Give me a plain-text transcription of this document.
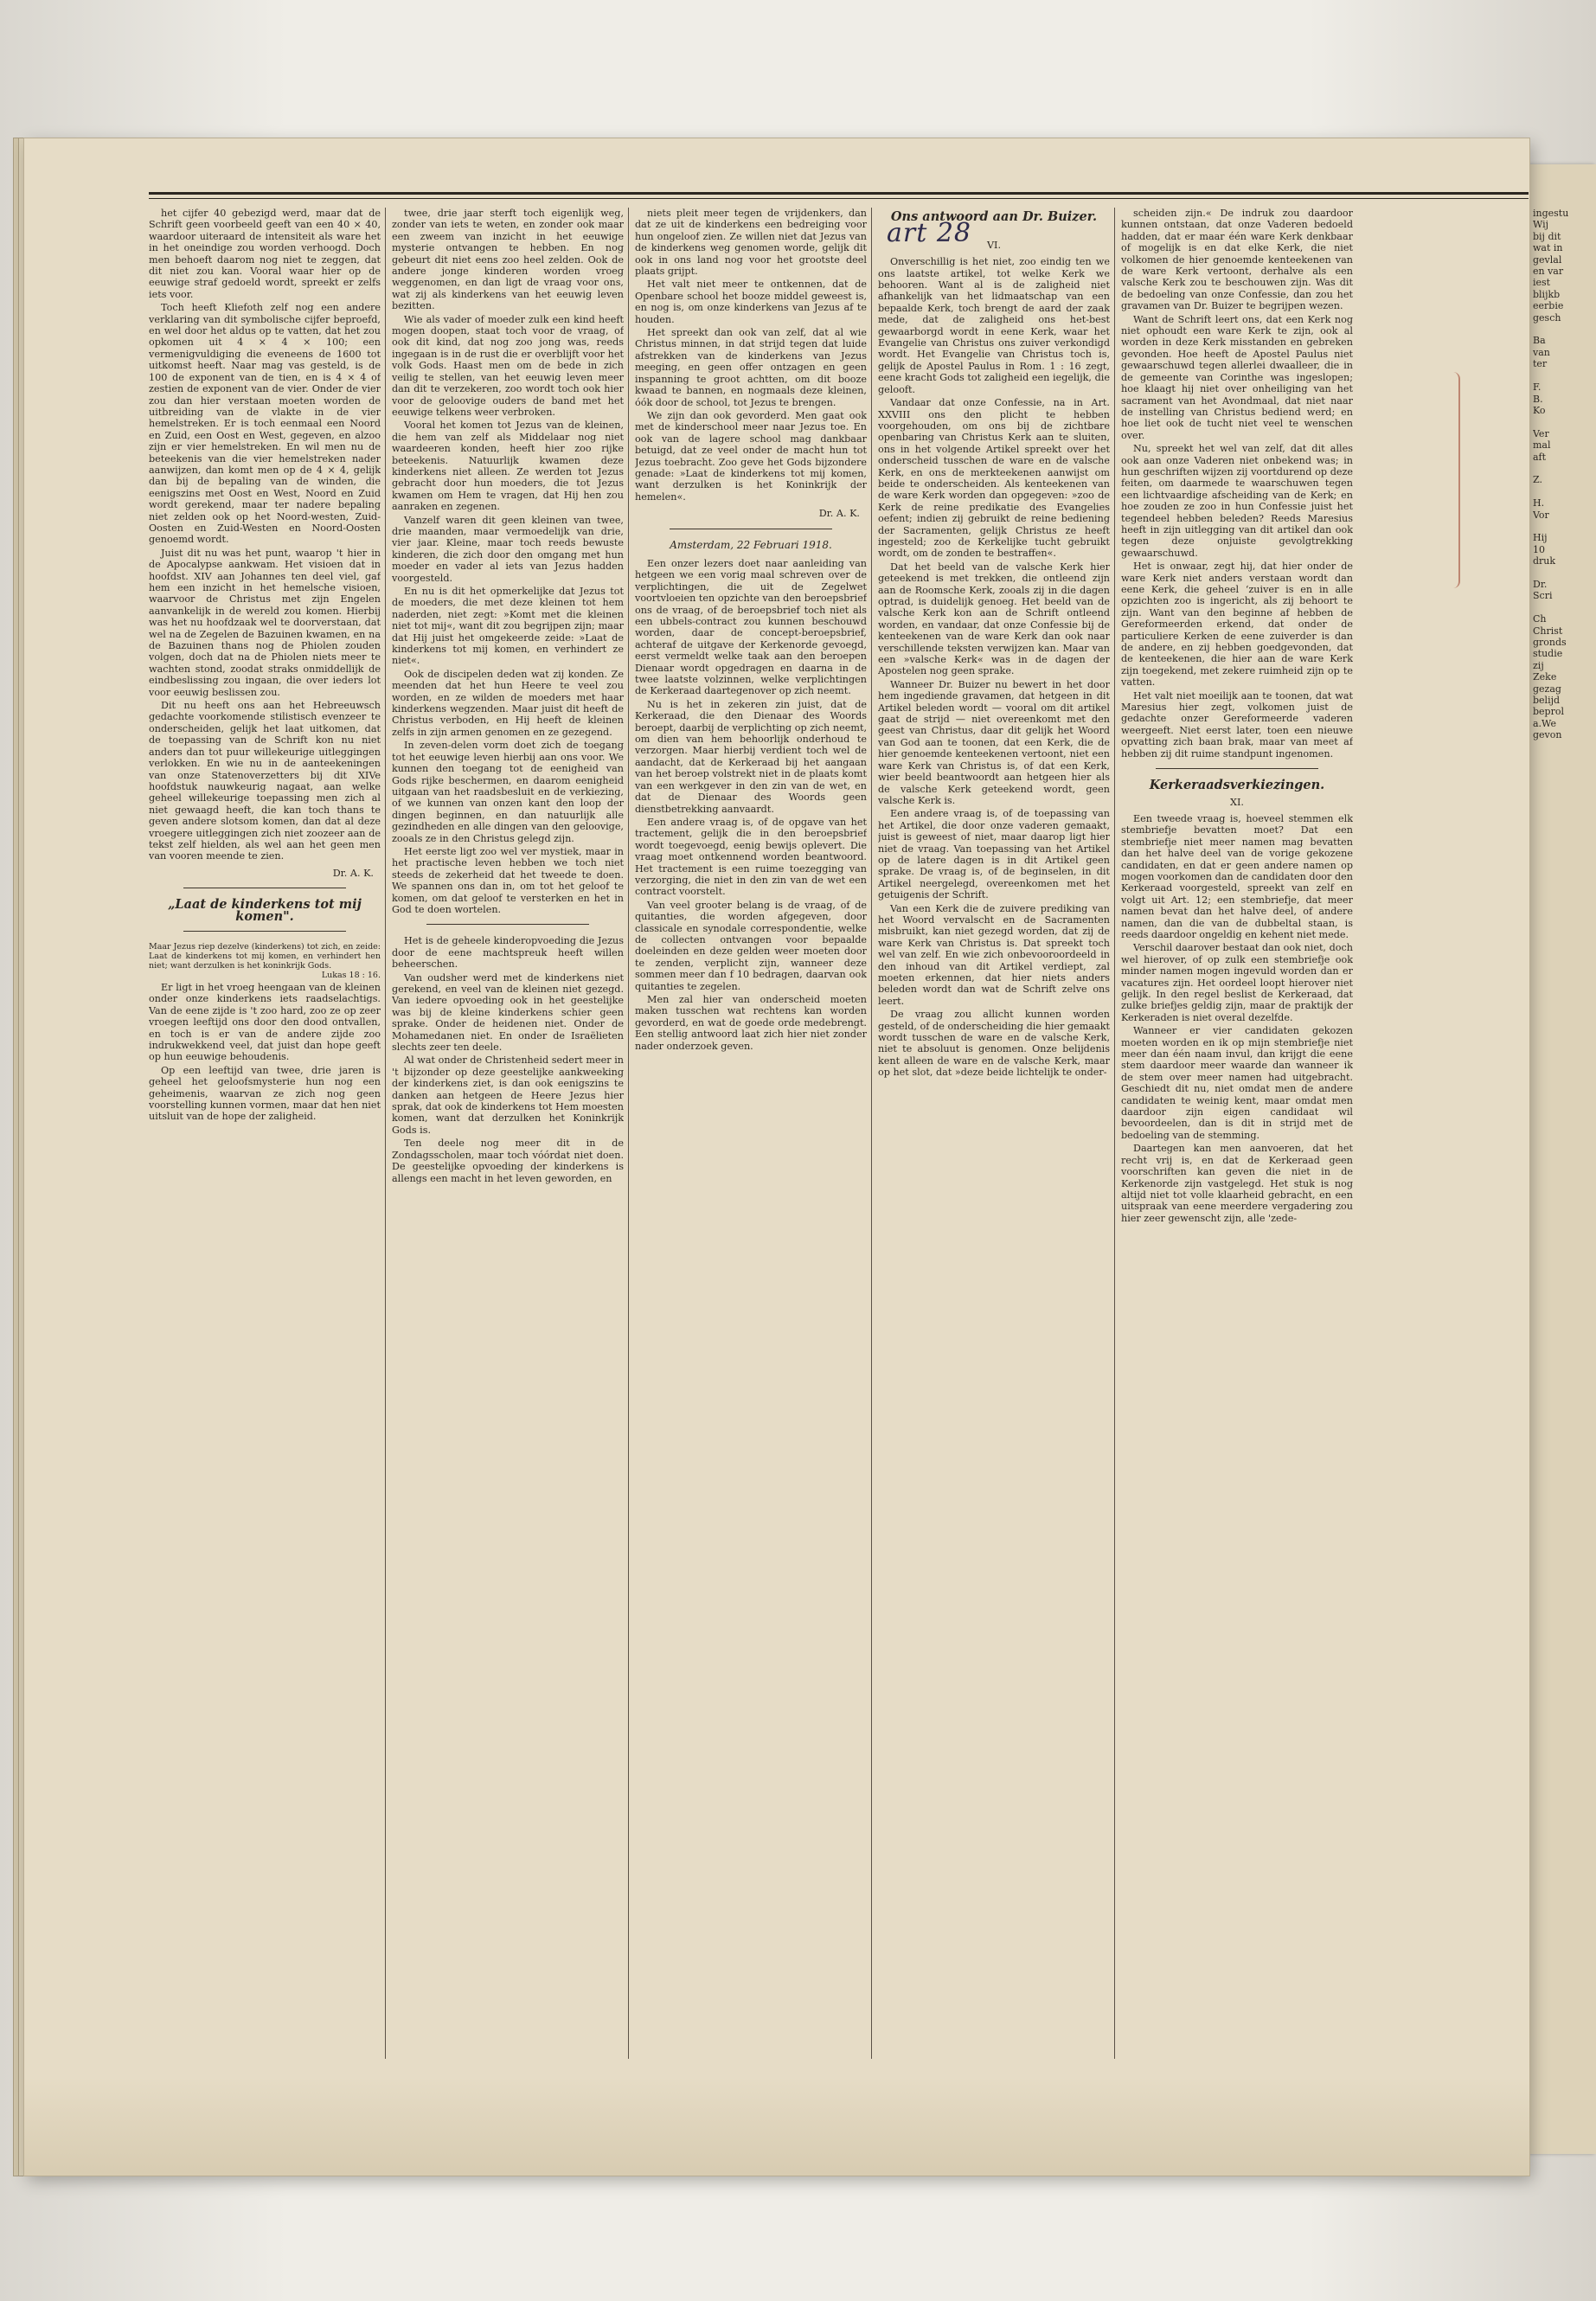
het cijfer 40 gebezigd werd, maar dat de Schrift geen voorbeeld geeft van een 40 × 40, waardoor uiteraard de intensiteit als ware het in het oneindige zou worden verhoogd. Doch men behoeft daarom nog niet te zeggen, dat dit niet zou kan. Vooral waar hier op de eeuwige straf gedoeld wordt, spreekt er zelfs iets voor.

Toch heeft Kliefoth zelf nog een andere verklaring van dit symbolische cijfer beproefd, en wel door het aldus op te vatten, dat het zou opkomen uit 4 × 4 × 100; een vermenigvuldiging die eveneens de 1600 tot uitkomst heeft. Naar mag vas gesteld, is de 100 de exponent van de tien, en is 4 × 4 of zestien de exponent van de vier. Onder de vier zou dan hier verstaan moeten worden de uitbreiding van de vlakte in de vier hemelstreken. Er is toch eenmaal een Noord en Zuid, een Oost en West, gegeven, en alzoo zijn er vier hemelstreken. En wil men nu de beteekenis van die vier hemelstreken nader aanwijzen, dan komt men op de 4 × 4, gelijk dan bij de bepaling van de winden, die eenigszins met Oost en West, Noord en Zuid wordt gerekend, maar ter nadere bepaling niet zelden ook op het Noord-westen, Zuid-Oosten en Zuid-Westen en Noord-Oosten genoemd wordt.

Juist dit nu was het punt, waarop 't hier in de Apocalypse aankwam. Het visioen dat in hoofdst. XIV aan Johannes ten deel viel, gaf hem een inzicht in het hemelsche visioen, waarvoor de Christus met zijn Engelen aanvankelijk in de wereld zou komen. Hierbij was het nu hoofdzaak wel te doorverstaan, dat wel na de Zegelen de Bazuinen kwamen, en na de Bazuinen thans nog de Phiolen zouden volgen, doch dat na de Phiolen niets meer te wachten stond, zoodat straks onmiddellijk de eindbeslissing zou ingaan, die over ieders lot voor eeuwig beslissen zou.

Dit nu heeft ons aan het Hebreeuwsch gedachte voorkomende stilistisch evenzeer te onderscheiden, gelijk het laat uitkomen, dat de toepassing van de Schrift kon nu niet anders dan tot puur willekeurige uitleggingen verlokken. En wie nu in de aanteekeningen van onze Statenoverzetters bij dit XIVe hoofdstuk nauwkeurig nagaat, aan welke geheel willekeurige toepassing men zich al niet gewaagd heeft, die kan toch thans te geven andere slotsom komen, dan dat al deze vroegere uitleggingen zich niet zoozeer aan de tekst zelf hielden, als wel aan het geen men van vooren meende te zien.

Dr. A. K.

„Laat de kinderkens tot mij komen".

Maar Jezus riep dezelve (kinderkens) tot zich, en zeide: Laat de kinderkens tot mij komen, en verhindert hen niet; want derzulken is het koninkrijk Gods.
Lukas 18 : 16.

Er ligt in het vroeg heengaan van de kleinen onder onze kinderkens iets raadselachtigs. Van de eene zijde is 't zoo hard, zoo ze op zeer vroegen leeftijd ons door den dood ontvallen, en toch is er van de andere zijde zoo indrukwekkend veel, dat juist dan hope geeft op hun eeuwige behoudenis.

Op een leeftijd van twee, drie jaren is geheel het geloofsmysterie hun nog een geheimenis, waarvan ze zich nog geen voorstelling kunnen vormen, maar dat hen niet uitsluit van de hope der zaligheid.

twee, drie jaar sterft toch eigenlijk weg, zonder van iets te weten, en zonder ook maar een zweem van inzicht in het eeuwige mysterie ontvangen te hebben. En nog gebeurt dit niet eens zoo heel zelden. Ook de andere jonge kinderen worden vroeg weggenomen, en dan ligt de vraag voor ons, wat zij als kinderkens van het eeuwig leven bezitten.

Wie als vader of moeder zulk een kind heeft mogen doopen, staat toch voor de vraag, of ook dit kind, dat nog zoo jong was, reeds ingegaan is in de rust die er overblijft voor het volk Gods. Haast men om de bede in zich veilig te stellen, van het eeuwig leven meer dan dit te verzekeren, zoo wordt toch ook hier voor de geloovige ouders de band met het eeuwige telkens weer verbroken.

Vooral het komen tot Jezus van de kleinen, die hem van zelf als Middelaar nog niet waardeeren konden, heeft hier zoo rijke beteekenis. Natuurlijk kwamen deze kinderkens niet alleen. Ze werden tot Jezus gebracht door hun moeders, die tot Jezus kwamen om Hem te vragen, dat Hij hen zou aanraken en zegenen.

Vanzelf waren dit geen kleinen van twee, drie maanden, maar vermoedelijk van drie, vier jaar. Kleine, maar toch reeds bewuste kinderen, die zich door den omgang met hun moeder en vader al iets van Jezus hadden voorgesteld.

En nu is dit het opmerkelijke dat Jezus tot de moeders, die met deze kleinen tot hem naderden, niet zegt: »Komt met die kleinen niet tot mij«, want dit zou begrijpen zijn; maar dat Hij juist het omgekeerde zeide: »Laat de kinderkens tot mij komen, en verhindert ze niet«.

Ook de discipelen deden wat zij konden. Ze meenden dat het hun Heere te veel zou worden, en ze wilden de moeders met haar kinderkens wegzenden. Maar juist dit heeft de Christus verboden, en Hij heeft de kleinen zelfs in zijn armen genomen en ze gezegend.

In zeven-delen vorm doet zich de toegang tot het eeuwige leven hierbij aan ons voor. We kunnen den toegang tot de eenigheid van Gods rijke beschermen, en daarom eenigheid uitgaan van het raadsbesluit en de verkiezing, of we kunnen van onzen kant den loop der dingen beginnen, en dan natuurlijk alle gezindheden en alle dingen van den geloovige, zooals ze in den Christus gelegd zijn.

Het eerste ligt zoo wel ver mystiek, maar in het practische leven hebben we toch niet steeds de zekerheid dat het tweede te doen. We spannen ons dan in, om tot het geloof te komen, om dat geloof te versterken en het in God te doen wortelen.

Het is de geheele kinderopvoeding die Jezus door de eene machtspreuk heeft willen beheerschen.

Van oudsher werd met de kinderkens niet gerekend, en veel van de kleinen niet gezegd. Van iedere opvoeding ook in het geestelijke was bij de kleine kinderkens schier geen sprake. Onder de heidenen niet. Onder de Mohamedanen niet. En onder de Israëlieten slechts zeer ten deele.

Al wat onder de Christenheid sedert meer in 't bijzonder op deze geestelijke aankweeking der kinderkens ziet, is dan ook eenigszins te danken aan hetgeen de Heere Jezus hier sprak, dat ook de kinderkens tot Hem moesten komen, want dat derzulken het Koninkrijk Gods is.

Ten deele nog meer dit in de Zondagsscholen, maar toch vóórdat niet doen. De geestelijke opvoeding der kinderkens is allengs een macht in het leven geworden, en

niets pleit meer tegen de vrijdenkers, dan dat ze uit de kinderkens een bedreiging voor hun ongeloof zien. Ze willen niet dat Jezus van de kinderkens weg genomen worde, gelijk dit ook in ons land nog voor het grootste deel plaats grijpt.

Het valt niet meer te ontkennen, dat de Openbare school het booze middel geweest is, en nog is, om onze kinderkens van Jezus af te houden.

Het spreekt dan ook van zelf, dat al wie Christus minnen, in dat strijd tegen dat luide afstrekken van de kinderkens van Jezus meeging, en geen offer ontzagen en geen inspanning te groot achtten, om dit booze kwaad te bannen, en nogmaals deze kleinen, óók door de school, tot Jezus te brengen.

We zijn dan ook gevorderd. Men gaat ook met de kinderschool meer naar Jezus toe. En ook van de lagere school mag dankbaar betuigd, dat ze veel onder de macht hun tot Jezus toebracht. Zoo geve het Gods bijzondere genade: »Laat de kinderkens tot mij komen, want derzulken is het Koninkrijk der hemelen«.

Dr. A. K.

Amsterdam, 22 Februari 1918.

Een onzer lezers doet naar aanleiding van hetgeen we een vorig maal schreven over de verplichtingen, die uit de Zegelwet voortvloeien ten opzichte van den beroepsbrief ons de vraag, of de beroepsbrief toch niet als een ubbels-contract zou kunnen beschouwd worden, daar de concept-beroepsbrief, achteraf de uitgave der Kerkenorde gevoegd, eerst vermeldt welke taak aan den beroepen Dienaar wordt opgedragen en daarna in de twee laatste volzinnen, welke verplichtingen de Kerkeraad daartegenover op zich neemt.

Nu is het in zekeren zin juist, dat de Kerkeraad, die den Dienaar des Woords beroept, daarbij de verplichting op zich neemt, om dien van hem behoorlijk onderhoud te verzorgen. Maar hierbij verdient toch wel de aandacht, dat de Kerkeraad bij het aangaan van het beroep volstrekt niet in de plaats komt van een werkgever in den zin van de wet, en dat de Dienaar des Woords geen dienstbetrekking aanvaardt.

Een andere vraag is, of de opgave van het tractement, gelijk die in den beroepsbrief wordt toegevoegd, eenig bewijs oplevert. Die vraag moet ontkennend worden beantwoord. Het tractement is een ruime toezegging van verzorging, die niet in den zin van de wet een contract voorstelt.

Van veel grooter belang is de vraag, of de quitanties, die worden afgegeven, door classicale en synodale correspondentie, welke de collecten ontvangen voor bepaalde doeleinden en deze gelden weer moeten door te zenden, verplicht zijn, wanneer deze sommen meer dan f 10 bedragen, daarvan ook quitanties te zegelen.

Men zal hier van onderscheid moeten maken tusschen wat rechtens kan worden gevorderd, en wat de goede orde medebrengt. Een stellig antwoord laat zich hier niet zonder nader onderzoek geven.

Ons antwoord aan Dr. Buizer.

art 28	VI.

Onverschillig is het niet, zoo eindig ten we ons laatste artikel, tot welke Kerk we behooren. Want al is de zaligheid niet afhankelijk van het lidmaatschap van een bepaalde Kerk, toch brengt de aard der zaak mede, dat de zaligheid ons het-best gewaarborgd wordt in eene Kerk, waar het Evangelie van Christus ons zuiver verkondigd wordt. Het Evangelie van Christus toch is, gelijk de Apostel Paulus in Rom. 1 : 16 zegt, eene kracht Gods tot zaligheid een iegelijk, die gelooft.

Vandaar dat onze Confessie, na in Art. XXVIII ons den plicht te hebben voorgehouden, om ons bij de zichtbare openbaring van Christus Kerk aan te sluiten, ons in het volgende Artikel spreekt over het onderscheid tusschen de ware en de valsche Kerk, en ons de merkteekenen aanwijst om beide te onderscheiden. Als kenteekenen van de ware Kerk worden dan opgegeven: »zoo de Kerk de reine predikatie des Evangelies oefent; indien zij gebruikt de reine bediening der Sacramenten, gelijk Christus ze heeft ingesteld; zoo de Kerkelijke tucht gebruikt wordt, om de zonden te bestraffen«.

Dat het beeld van de valsche Kerk hier geteekend is met trekken, die ontleend zijn aan de Roomsche Kerk, zooals zij in die dagen optrad, is duidelijk genoeg. Het beeld van de valsche Kerk kon aan de Schrift ontleend worden, en vandaar, dat onze Confessie bij de kenteekenen van de ware Kerk dan ook naar verschillende teksten verwijzen kan. Maar van een »valsche Kerk« was in de dagen der Apostelen nog geen sprake.

Wanneer Dr. Buizer nu bewert in het door hem ingediende gravamen, dat hetgeen in dit Artikel beleden wordt — vooral om dit artikel gaat de strijd — niet overeenkomt met den geest van Christus, daar dit gelijk het Woord van God aan te toonen, dat een Kerk, die de hier genoemde kenteekenen vertoont, niet een ware Kerk van Christus is, of dat een Kerk, wier beeld beantwoordt aan hetgeen hier als de valsche Kerk geteekend wordt, geen valsche Kerk is.

Een andere vraag is, of de toepassing van het Artikel, die door onze vaderen gemaakt, juist is geweest of niet, maar daarop ligt hier niet de vraag. Van toepassing van het Artikel op de latere dagen is in dit Artikel geen sprake. De vraag is, of de beginselen, in dit Artikel neergelegd, overeenkomen met het getuigenis der Schrift.

Van een Kerk die de zuivere prediking van het Woord vervalscht en de Sacramenten misbruikt, kan niet gezegd worden, dat zij de ware Kerk van Christus is. Dat spreekt toch wel van zelf. En wie zich onbevooroordeeld in den inhoud van dit Artikel verdiept, zal moeten erkennen, dat hier niets anders beleden wordt dan wat de Schrift zelve ons leert.

De vraag zou allicht kunnen worden gesteld, of de onderscheiding die hier gemaakt wordt tusschen de ware en de valsche Kerk, niet te absoluut is genomen. Onze belijdenis kent alleen de ware en de valsche Kerk, maar op het slot, dat »deze beide lichtelijk te onder-

scheiden zijn.« De indruk zou daardoor kunnen ontstaan, dat onze Vaderen bedoeld hadden, dat er maar één ware Kerk denkbaar of mogelijk is en dat elke Kerk, die niet volkomen de hier genoemde kenteekenen van de ware Kerk vertoont, derhalve als een valsche Kerk zou te beschouwen zijn. Was dit de bedoeling van onze Confessie, dan zou het gravamen van Dr. Buizer te begrijpen wezen.

Want de Schrift leert ons, dat een Kerk nog niet ophoudt een ware Kerk te zijn, ook al worden in deze Kerk misstanden en gebreken gevonden. Hoe heeft de Apostel Paulus niet gewaarschuwd tegen allerlei dwaalleer, die in de gemeente van Corinthe was ingeslopen; hoe klaagt hij niet over onheiliging van het sacrament van het Avondmaal, dat niet naar de instelling van Christus bediend werd; en hoe liet ook de tucht niet veel te wenschen over.

Nu, spreekt het wel van zelf, dat dit alles ook aan onze Vaderen niet onbekend was; in hun geschriften wijzen zij voortdurend op deze feiten, om daarmede te waarschuwen tegen een lichtvaardige afscheiding van de Kerk; en hoe zouden ze zoo in hun Confessie juist het tegendeel hebben beleden? Reeds Maresius heeft in zijn uitlegging van dit artikel dan ook tegen deze onjuiste gevolgtrekking gewaarschuwd.

Het is onwaar, zegt hij, dat hier onder de ware Kerk niet anders verstaan wordt dan eene Kerk, die geheel ‘zuiver is en in alle opzichten zoo is ingericht, als zij behoort te zijn. Want van den beginne af hebben de Gereformeerden erkend, dat onder de particuliere Kerken de eene zuiverder is dan de andere, en zij hebben goedgevonden, dat de kenteekenen, die hier aan de ware Kerk zijn toegekend, met zekere ruimheid zijn op te vatten.

Het valt niet moeilijk aan te toonen, dat wat Maresius hier zegt, volkomen juist de gedachte onzer Gereformeerde vaderen weergeeft. Niet eerst later, toen een nieuwe opvatting zich baan brak, maar van meet af hebben zij dit ruime standpunt ingenomen.

Kerkeraadsverkiezingen.

XI.

Een tweede vraag is, hoeveel stemmen elk stembriefje bevatten moet? Dat een stembriefje niet meer namen mag bevatten dan het halve deel van de vorige gekozene candidaten, en dat er geen andere namen op mogen voorkomen dan de candidaten door den Kerkeraad voorgesteld, spreekt van zelf en volgt uit Art. 12; een stembriefje, dat meer namen bevat dan het halve deel, of andere namen, dan die van de dubbeltal staan, is reeds daardoor ongeldig en kehent niet mede.

Verschil daarover bestaat dan ook niet, doch wel hierover, of op zulk een stembriefje ook minder namen mogen ingevuld worden dan er vacatures zijn. Het oordeel loopt hierover niet gelijk. In den regel beslist de Kerkeraad, dat zulke briefjes geldig zijn, maar de praktijk der Kerkeraden is niet overal dezelfde.

Wanneer er vier candidaten gekozen moeten worden en ik op mijn stembriefje niet meer dan één naam invul, dan krijgt die eene stem daardoor meer waarde dan wanneer ik de stem over meer namen had uitgebracht. Geschiedt dit nu, niet omdat men de andere candidaten te weinig kent, maar omdat men daardoor zijn eigen candidaat wil bevoordeelen, dan is dit in strijd met de bedoeling van de stemming.

Daartegen kan men aanvoeren, dat het recht vrij is, en dat de Kerkeraad geen voorschriften kan geven die niet in de Kerkenorde zijn vastgelegd. Het stuk is nog altijd niet tot volle klaarheid gebracht, en een uitspraak van eene meerdere vergadering zou hier zeer gewenscht zijn, alle 'zede-

ingestu
Wij
bij dit
wat in
gevlal
en var
iest
blijkb
eerbie
gesch

Ba
van
ter

F.
B.
Ko

Ver
mal
aft

Z.

H.
Vor

Hij
10
druk

Dr.
Scri

Ch
Christ
gronds
studie
zij
Zeke
gezag
belijd
beprol
a.We
gevon
